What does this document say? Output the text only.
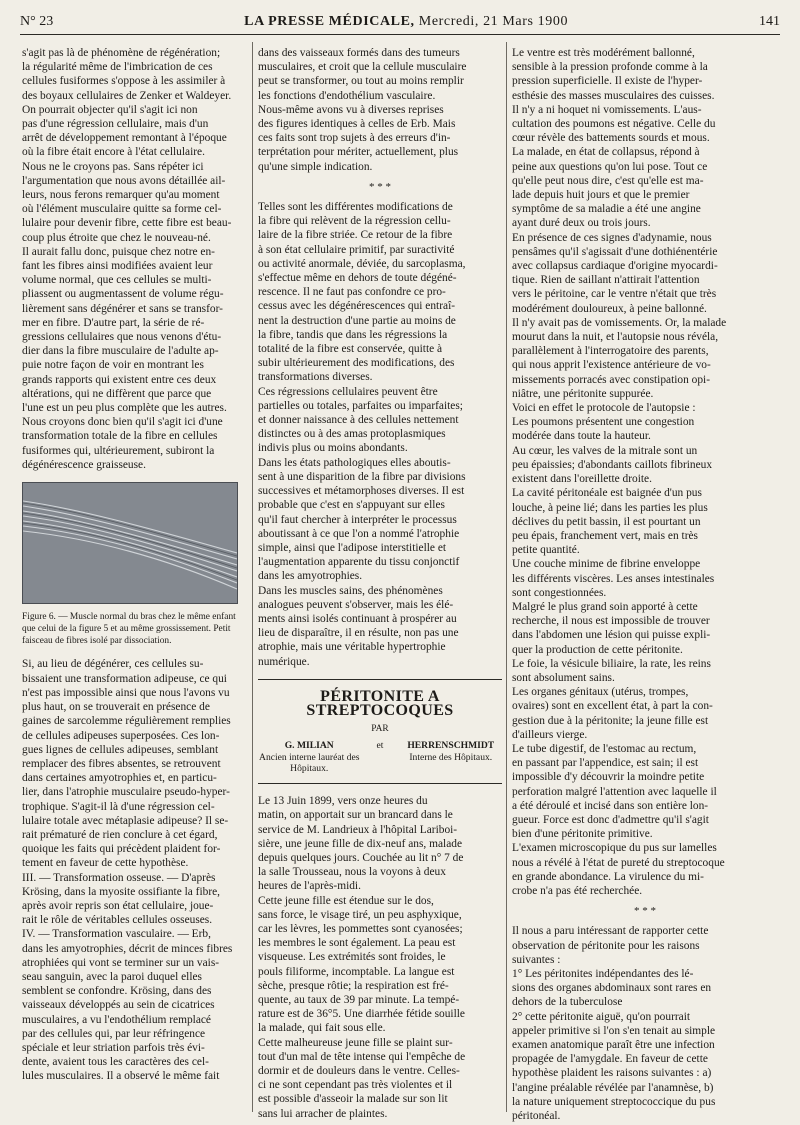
N° 23	LA PRESSE MÉDICALE, Mercredi, 21 Mars 1900	141
s'agit pas là de phénomène de régénération;
la régularité même de l'imbrication de ces
cellules fusiformes s'oppose à les assimiler à
des boyaux cellulaires de Zenker et Waldeyer.
On pourrait objecter qu'il s'agit ici non
pas d'une régression cellulaire, mais d'un
arrêt de développement remontant à l'époque
où la fibre était encore à l'état cellulaire.
Nous ne le croyons pas. Sans répéter ici
l'argumentation que nous avons détaillée ail-
leurs, nous ferons remarquer qu'au moment
où l'élément musculaire quitte sa forme cel-
lulaire pour devenir fibre, cette fibre est beau-
coup plus étroite que chez le nouveau-né.
Il aurait fallu donc, puisque chez notre en-
fant les fibres ainsi modifiées avaient leur
volume normal, que ces cellules se multi-
pliassent ou augmentassent de volume régu-
lièrement sans dégénérer et sans se transfor-
mer en fibre. D'autre part, la série de ré-
gressions cellulaires que nous venons d'étu-
dier dans la fibre musculaire de l'adulte ap-
puie notre façon de voir en montrant les
grands rapports qui existent entre ces deux
altérations, qui ne diffèrent que parce que
l'une est un peu plus complète que les autres.
Nous croyons donc bien qu'il s'agit ici d'une
transformation totale de la fibre en cellules
fusiformes qui, ultérieurement, subiront la
dégénérescence graisseuse.
Figure 6. — Muscle normal du bras chez le même enfant que celui de la figure 5 et au même grossissement. Petit faisceau de fibres isolé par dissociation.
Si, au lieu de dégénérer, ces cellules su-
bissaient une transformation adipeuse, ce qui
n'est pas impossible ainsi que nous l'avons vu
plus haut, on se trouverait en présence de
gaines de sarcolemme régulièrement remplies
de cellules adipeuses superposées. Ces lon-
gues lignes de cellules adipeuses, semblant
remplacer des fibres absentes, se retrouvent
dans certaines amyotrophies et, en particu-
lier, dans l'atrophie musculaire pseudo-hyper-
trophique. S'agit-il là d'une régression cel-
lulaire totale avec métaplasie adipeuse? Il se-
rait prématuré de rien conclure à cet égard,
quoique les faits qui précèdent plaident for-
tement en faveur de cette hypothèse.
III. — Transformation osseuse. — D'après
Krösing, dans la myosite ossifiante la fibre,
après avoir repris son état cellulaire, joue-
rait le rôle de véritables cellules osseuses.
IV. — Transformation vasculaire. — Erb,
dans les amyotrophies, décrit de minces fibres
atrophiées qui vont se terminer sur un vais-
seau sanguin, avec la paroi duquel elles
semblent se confondre. Krösing, dans des
vaisseaux développés au sein de cicatrices
musculaires, a vu l'endothélium remplacé
par des cellules qui, par leur réfringence
spéciale et leur striation parfois très évi-
dente, avaient tous les caractères des cel-
lules musculaires. Il a observé le même fait
dans des vaisseaux formés dans des tumeurs
musculaires, et croit que la cellule musculaire
peut se transformer, ou tout au moins remplir
les fonctions d'endothélium vasculaire.
Nous-même avons vu à diverses reprises
des figures identiques à celles de Erb. Mais
ces faits sont trop sujets à des erreurs d'in-
terprétation pour mériter, actuellement, plus
qu'une simple indication.
* * *
Telles sont les différentes modifications de
la fibre qui relèvent de la régression cellu-
laire de la fibre striée. Ce retour de la fibre
à son état cellulaire primitif, par suractivité
ou activité anormale, déviée, du sarcoplasma,
s'effectue même en dehors de toute dégéné-
rescence. Il ne faut pas confondre ce pro-
cessus avec les dégénérescences qui entraî-
nent la destruction d'une partie au moins de
la fibre, tandis que dans les régressions la
totalité de la fibre est conservée, quitte à
subir ultérieurement des modifications, des
transformations diverses.
Ces régressions cellulaires peuvent être
partielles ou totales, parfaites ou imparfaites;
et donner naissance à des cellules nettement
distinctes ou à des amas protoplasmiques
indivis plus ou moins abondants.
Dans les états pathologiques elles aboutis-
sent à une disparition de la fibre par divisions
successives et métamorphoses diverses. Il est
probable que c'est en s'appuyant sur elles
qu'il faut chercher à interpréter le processus
aboutissant à ce que l'on a nommé l'atrophie
simple, ainsi que l'adipose interstitielle et
l'augmentation apparente du tissu conjonctif
dans les amyotrophies.
Dans les muscles sains, des phénomènes
analogues peuvent s'observer, mais les élé-
ments ainsi isolés continuant à prospérer au
lieu de disparaître, il en résulte, non pas une
atrophie, mais une véritable hypertrophie
numérique.
PÉRITONITE A STREPTOCOQUES
PAR
G. MILIAN
Ancien interne lauréat des Hôpitaux.
et	HERRENSCHMIDT
Interne des Hôpitaux.
Le 13 Juin 1899, vers onze heures du
matin, on apportait sur un brancard dans le
service de M. Landrieux à l'hôpital Lariboi-
sière, une jeune fille de dix-neuf ans, malade
depuis quelques jours. Couchée au lit n° 7 de
la salle Trousseau, nous la voyons à deux
heures de l'après-midi.
Cette jeune fille est étendue sur le dos,
sans force, le visage tiré, un peu asphyxique,
car les lèvres, les pommettes sont cyanosées;
les membres le sont également. La peau est
visqueuse. Les extrémités sont froides, le
pouls filiforme, incomptable. La langue est
sèche, presque rôtie; la respiration est fré-
quente, au taux de 39 par minute. La tempé-
rature est de 36°5. Une diarrhée fétide souille
la malade, qui fait sous elle.
Cette malheureuse jeune fille se plaint sur-
tout d'un mal de tête intense qui l'empêche de
dormir et de douleurs dans le ventre. Celles-
ci ne sont cependant pas très violentes et il
est possible d'asseoir la malade sur son lit
sans lui arracher de plaintes.
Le ventre est très modérément ballonné,
sensible à la pression profonde comme à la
pression superficielle. Il existe de l'hyper-
esthésie des masses musculaires des cuisses.
Il n'y a ni hoquet ni vomissements. L'aus-
cultation des poumons est négative. Celle du
cœur révèle des battements sourds et mous.
La malade, en état de collapsus, répond à
peine aux questions qu'on lui pose. Tout ce
qu'elle peut nous dire, c'est qu'elle est ma-
lade depuis huit jours et que le premier
symptôme de sa maladie a été une angine
ayant duré deux ou trois jours.
En présence de ces signes d'adynamie, nous
pensâmes qu'il s'agissait d'une dothiénentérie
avec collapsus cardiaque d'origine myocardi-
tique. Rien de saillant n'attirait l'attention
vers le péritoine, car le ventre n'était que très
modérément douloureux, à peine ballonné.
Il n'y avait pas de vomissements. Or, la malade
mourut dans la nuit, et l'autopsie nous révéla,
parallèlement à l'interrogatoire des parents,
qui nous apprit l'existence antérieure de vo-
missements porracés avec constipation opi-
niâtre, une péritonite suppurée.
Voici en effet le protocole de l'autopsie :
Les poumons présentent une congestion
modérée dans toute la hauteur.
Au cœur, les valves de la mitrale sont un
peu épaissies; d'abondants caillots fibrineux
existent dans l'oreillette droite.
La cavité péritonéale est baignée d'un pus
louche, à peine lié; dans les parties les plus
déclives du petit bassin, il est pourtant un
peu épais, franchement vert, mais en très
petite quantité.
Une couche minime de fibrine enveloppe
les différents viscères. Les anses intestinales
sont congestionnées.
Malgré le plus grand soin apporté à cette
recherche, il nous est impossible de trouver
dans l'abdomen une lésion qui puisse expli-
quer la production de cette péritonite.
Le foie, la vésicule biliaire, la rate, les reins
sont absolument sains.
Les organes génitaux (utérus, trompes,
ovaires) sont en excellent état, à part la con-
gestion due à la péritonite; la jeune fille est
d'ailleurs vierge.
Le tube digestif, de l'estomac au rectum,
en passant par l'appendice, est sain; il est
impossible d'y découvrir la moindre petite
perforation malgré l'attention avec laquelle il
a été déroulé et incisé dans son entière lon-
gueur. Force est donc d'admettre qu'il s'agit
bien d'une péritonite primitive.
L'examen microscopique du pus sur lamelles
nous a révélé à l'état de pureté du streptocoque
en grande abondance. La virulence du mi-
crobe n'a pas été recherchée.
* * *
Il nous a paru intéressant de rapporter cette
observation de péritonite pour les raisons
suivantes :
1° Les péritonites indépendantes des lé-
sions des organes abdominaux sont rares en
dehors de la tuberculose
2° cette péritonite aiguë, qu'on pourrait
appeler primitive si l'on s'en tenait au simple
examen anatomique paraît être une infection
propagée de l'amygdale. En faveur de cette
hypothèse plaident les raisons suivantes : a)
l'angine préalable révélée par l'anamnèse, b)
la nature uniquement streptococcique du pus
péritonéal.
